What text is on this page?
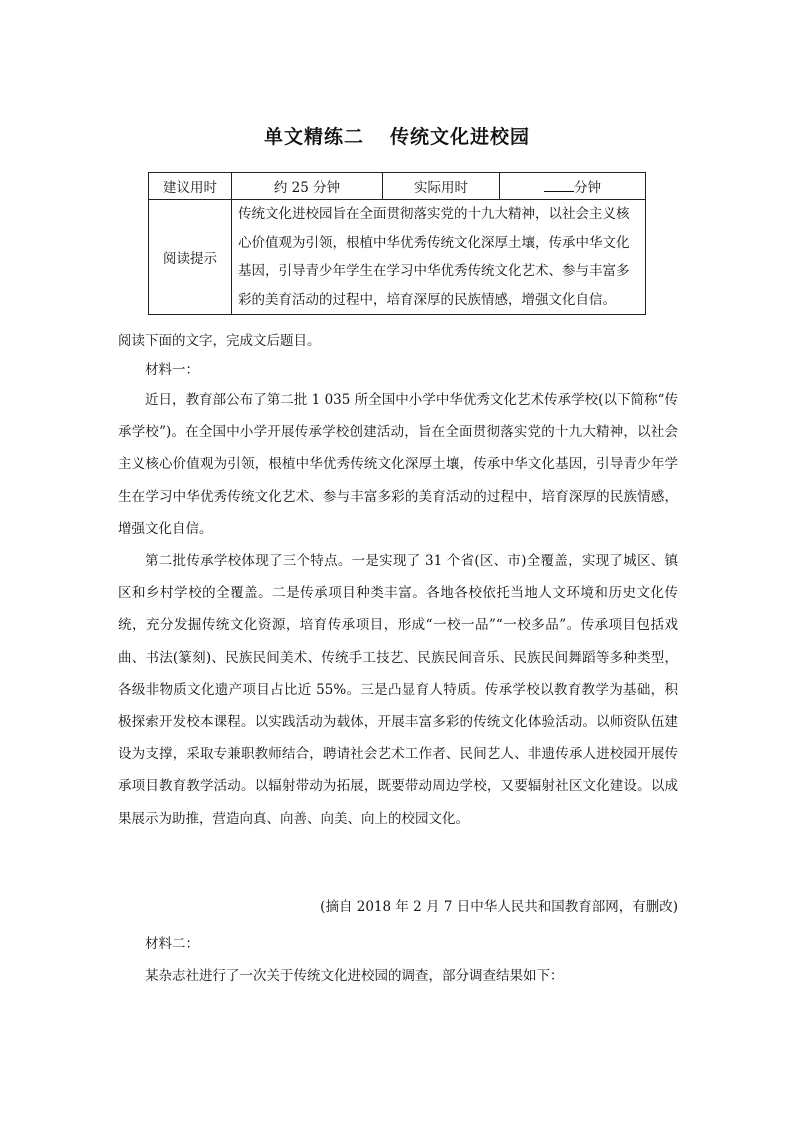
单文精练二 传统文化进校园
建议用时	约 25 分钟	实际用时	分钟
阅读提示	传统文化进校园旨在全面贯彻落实党的十九大精神，以社会主义核心价值观为引领，根植中华优秀传统文化深厚土壤，传承中华文化基因，引导青少年学生在学习中华优秀传统文化艺术、参与丰富多彩的美育活动的过程中，培育深厚的民族情感，增强文化自信。		

阅读下面的文字，完成文后题目。

材料一：

近日，教育部公布了第二批 1 035 所全国中小学中华优秀文化艺术传承学校(以下简称“传承学校”)。在全国中小学开展传承学校创建活动，旨在全面贯彻落实党的十九大精神，以社会主义核心价值观为引领，根植中华优秀传统文化深厚土壤，传承中华文化基因，引导青少年学生在学习中华优秀传统文化艺术、参与丰富多彩的美育活动的过程中，培育深厚的民族情感，增强文化自信。

第二批传承学校体现了三个特点。一是实现了 31 个省(区、市)全覆盖，实现了城区、镇区和乡村学校的全覆盖。二是传承项目种类丰富。各地各校依托当地人文环境和历史文化传统，充分发掘传统文化资源，培育传承项目，形成“一校一品”“一校多品”。传承项目包括戏曲、书法(篆刻)、民族民间美术、传统手工技艺、民族民间音乐、民族民间舞蹈等多种类型，各级非物质文化遗产项目占比近 55%。三是凸显育人特质。传承学校以教育教学为基础，积极探索开发校本课程。以实践活动为载体，开展丰富多彩的传统文化体验活动。以师资队伍建设为支撑，采取专兼职教师结合，聘请社会艺术工作者、民间艺人、非遗传承人进校园开展传承项目教育教学活动。以辐射带动为拓展，既要带动周边学校，又要辐射社区文化建设。以成果展示为助推，营造向真、向善、向美、向上的校园文化。

(摘自 2018 年 2 月 7 日中华人民共和国教育部网，有删改)

材料二：

某杂志社进行了一次关于传统文化进校园的调查，部分调查结果如下：
